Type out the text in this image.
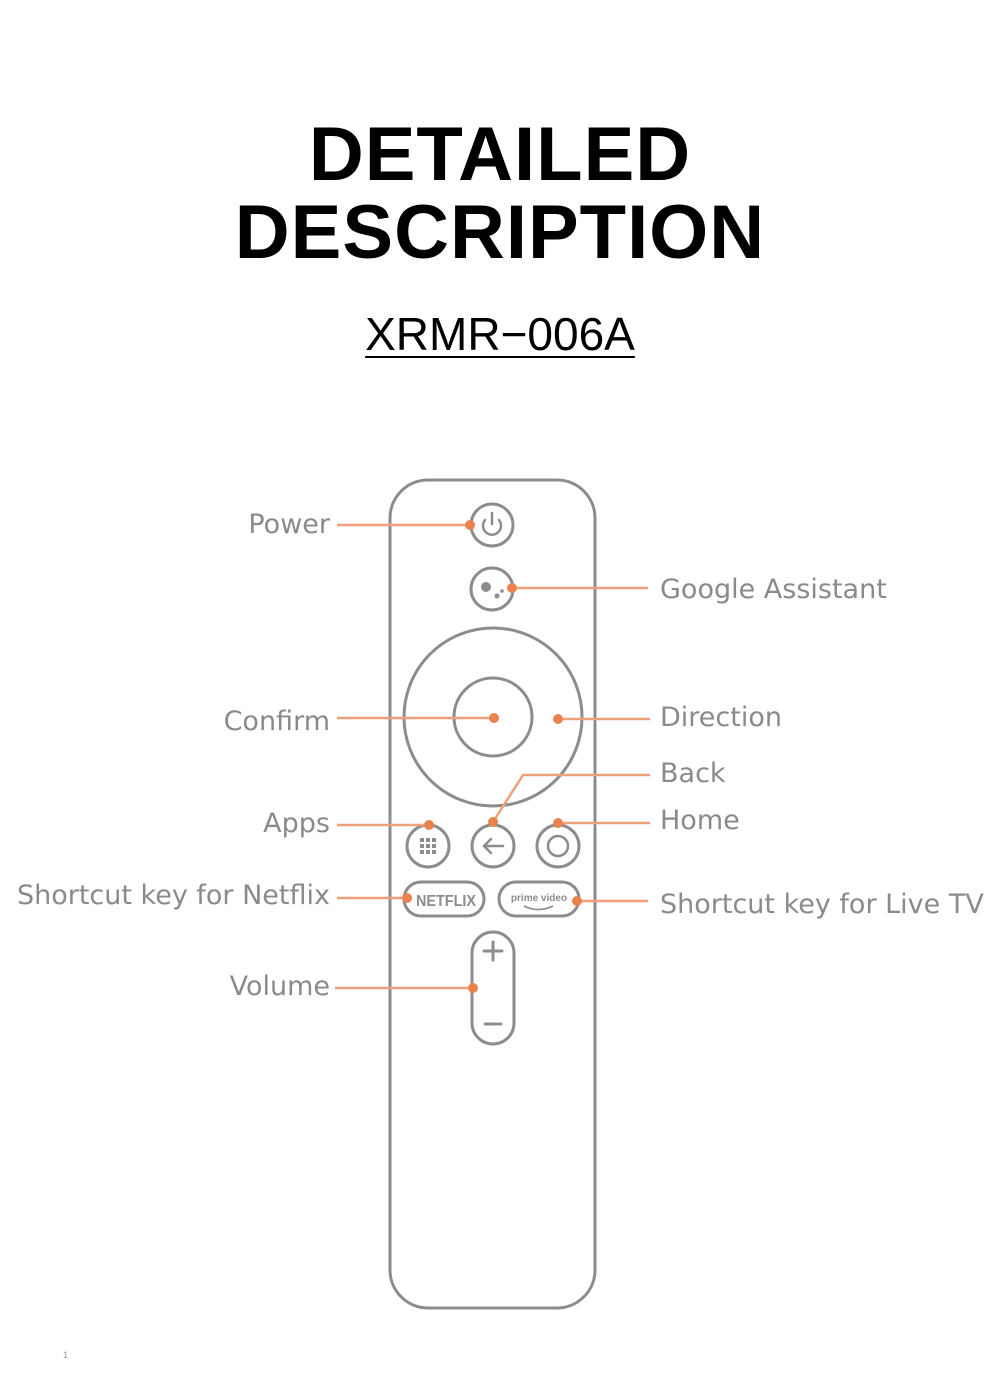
DETAILED
DESCRIPTION
XRMR−006A
NETFLIX	prime video
Power
Confirm
Apps
Shortcut key for Netflix
Volume
Google Assistant
Direction
Back
Home
Shortcut key for Live TV
1
